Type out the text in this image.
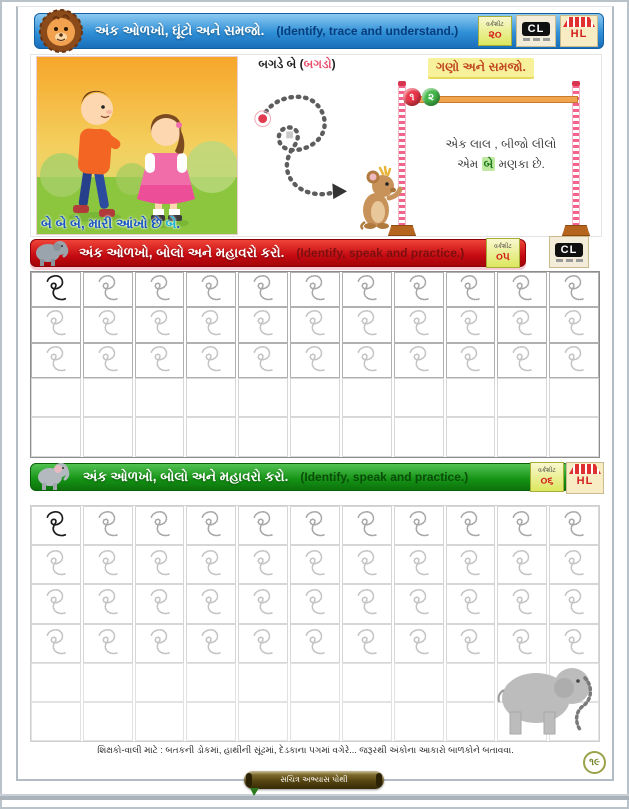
અંક ઓળખો, ઘૂંટો અને સમજો. (Identify, trace and understand.)	વર્કશીટ
૨૦	CL	HL
બે બે બે, મારી આંખો છે બે.
બગડે બે (બગડો)	ગણો અને સમજો.
૧	૨
એક લાલ , બીજો લીલો
એમ બે મણકા છે.
અંક ઓળખો, બોલો અને મહાવરો કરો. (Identify, speak and practice.)	વર્કશીટ
૦૫
CL
અંક ઓળખો, બોલો અને મહાવરો કરો. (Identify, speak and practice.)	વર્કશીટ
૦૬ HL
શિક્ષકો-વાલી માટે : બતકની ડોકમાં, હાથીની સૂંઢમાં, દેડકાના પગમાં વગેરે... જરૂરથી અંકોના આકારો બાળકોને બતાવવા.
૧૯
સચિત્ર અભ્યાસ પોથી
